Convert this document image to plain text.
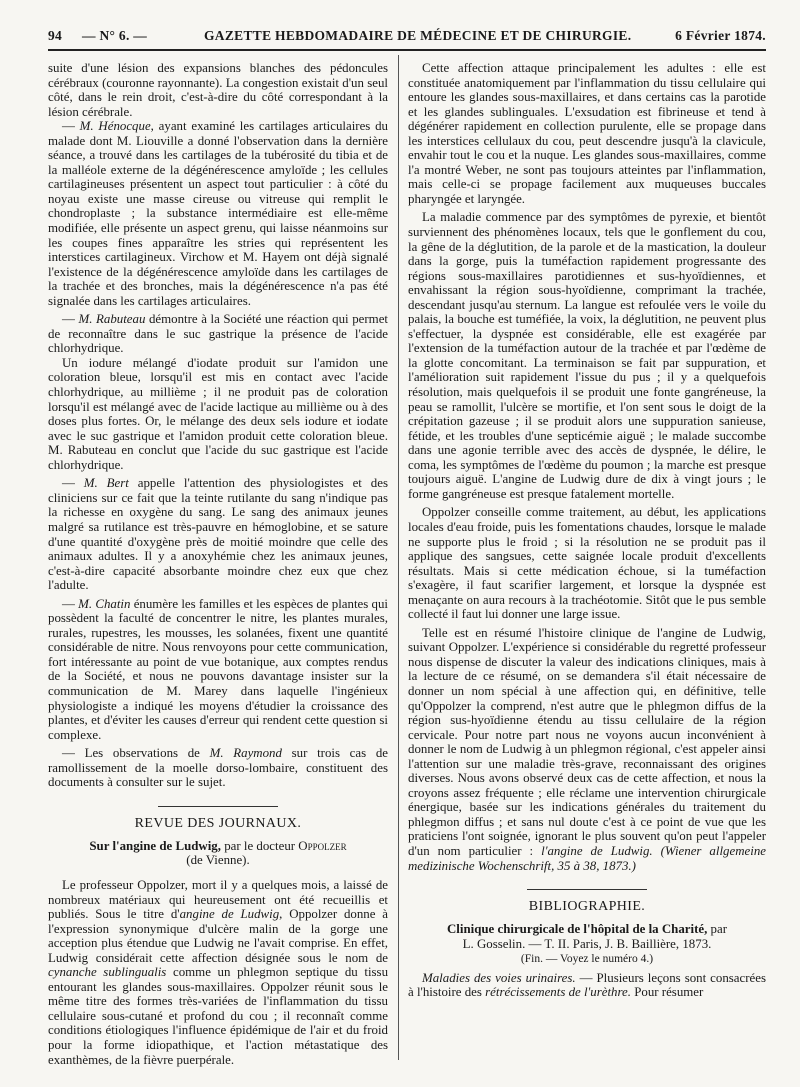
94 — N° 6. —	GAZETTE HEBDOMADAIRE DE MÉDECINE ET DE CHIRURGIE.	6 Février 1874.

suite d'une lésion des expansions blanches des pédoncules cérébraux (couronne rayonnante). La congestion existait d'un seul côté, dans le rein droit, c'est-à-dire du côté correspondant à la lésion cérébrale.

— M. Hénocque, ayant examiné les cartilages articulaires du malade dont M. Liouville a donné l'observation dans la dernière séance, a trouvé dans les cartilages de la tubérosité du tibia et de la malléole externe de la dégénérescence amyloïde ; les cellules cartilagineuses présentent un aspect tout particulier : à côté du noyau existe une masse cireuse ou vitreuse qui remplit le chondroplaste ; la substance intermédiaire est elle-même modifiée, elle présente un aspect grenu, qui laisse néanmoins sur les coupes fines apparaître les stries qui représentent les interstices cartilagineux. Virchow et M. Hayem ont déjà signalé l'existence de la dégénérescence amyloïde dans les cartilages de la trachée et des bronches, mais la dégénérescence n'a pas été signalée dans les cartilages articulaires.

— M. Rabuteau démontre à la Société une réaction qui permet de reconnaître dans le suc gastrique la présence de l'acide chlorhydrique.

Un iodure mélangé d'iodate produit sur l'amidon une coloration bleue, lorsqu'il est mis en contact avec l'acide chlorhydrique, au millième ; il ne produit pas de coloration lorsqu'il est mélangé avec de l'acide lactique au millième ou à des doses plus fortes. Or, le mélange des deux sels iodure et iodate avec le suc gastrique et l'amidon produit cette coloration bleue. M. Rabuteau en conclut que l'acide du suc gastrique est l'acide chlorhydrique.

— M. Bert appelle l'attention des physiologistes et des cliniciens sur ce fait que la teinte rutilante du sang n'indique pas la richesse en oxygène du sang. Le sang des animaux jeunes malgré sa rutilance est très-pauvre en hémoglobine, et se sature d'une quantité d'oxygène près de moitié moindre que celle des animaux adultes. Il y a anoxyhémie chez les animaux jeunes, c'est-à-dire capacité absorbante moindre chez eux que chez l'adulte.

— M. Chatin énumère les familles et les espèces de plantes qui possèdent la faculté de concentrer le nitre, les plantes murales, rurales, rupestres, les mousses, les solanées, fixent une quantité considérable de nitre. Nous renvoyons pour cette communication, fort intéressante au point de vue botanique, aux comptes rendus de la Société, et nous ne pouvons davantage insister sur la communication de M. Marey dans laquelle l'ingénieux physiologiste a indiqué les moyens d'étudier la croissance des plantes, et d'éviter les causes d'erreur qui rendent cette question si complexe.

— Les observations de M. Raymond sur trois cas de ramollissement de la moelle dorso-lombaire, constituent des documents à consulter sur le sujet.

REVUE DES JOURNAUX.
Sur l'angine de Ludwig, par le docteur Oppolzer
(de Vienne).

Le professeur Oppolzer, mort il y a quelques mois, a laissé de nombreux matériaux qui heureusement ont été recueillis et publiés. Sous le titre d'angine de Ludwig, Oppolzer donne à l'expression synonymique d'ulcère malin de la gorge une acception plus étendue que Ludwig ne l'avait comprise. En effet, Ludwig considérait cette affection désignée sous le nom de cynanche sublingualis comme un phlegmon septique du tissu entourant les glandes sous-maxillaires. Oppolzer réunit sous le même titre des formes très-variées de l'inflammation du tissu cellulaire sous-cutané et profond du cou ; il reconnaît comme conditions étiologiques l'influence épidémique de l'air et du froid pour la forme idiopathique, et l'action métastatique des exanthèmes, de la fièvre puerpérale.

Cette affection attaque principalement les adultes : elle est constituée anatomiquement par l'inflammation du tissu cellulaire qui entoure les glandes sous-maxillaires, et dans certains cas la parotide et les glandes sublinguales. L'exsudation est fibrineuse et tend à dégénérer rapidement en collection purulente, elle se propage dans les interstices cellulaux du cou, peut descendre jusqu'à la clavicule, envahir tout le cou et la nuque. Les glandes sous-maxillaires, comme l'a montré Weber, ne sont pas toujours atteintes par l'inflammation, mais celle-ci se propage facilement aux muqueuses buccales pharyngée et laryngée.

La maladie commence par des symptômes de pyrexie, et bientôt surviennent des phénomènes locaux, tels que le gonflement du cou, la gêne de la déglutition, de la parole et de la mastication, la douleur dans la gorge, puis la tuméfaction rapidement progressante des régions sous-maxillaires parotidiennes et sus-hyoïdiennes, et envahissant la région sous-hyoïdienne, comprimant la trachée, descendant jusqu'au sternum. La langue est refoulée vers le voile du palais, la bouche est tuméfiée, la voix, la déglutition, ne peuvent plus s'effectuer, la dyspnée est considérable, elle est exagérée par l'extension de la tuméfaction autour de la trachée et par l'œdème de la glotte concomitant. La terminaison se fait par suppuration, et l'amélioration suit rapidement l'issue du pus ; il y a quelquefois résolution, mais quelquefois il se produit une fonte gangréneuse, la peau se ramollit, l'ulcère se mortifie, et l'on sent sous le doigt de la crépitation gazeuse ; il se produit alors une suppuration sanieuse, fétide, et les troubles d'une septicémie aiguë ; le malade succombe dans une agonie terrible avec des accès de dyspnée, le délire, le coma, les symptômes de l'œdème du poumon ; la marche est presque toujours aiguë. L'angine de Ludwig dure de dix à vingt jours ; le forme gangréneuse est presque fatalement mortelle.

Oppolzer conseille comme traitement, au début, les applications locales d'eau froide, puis les fomentations chaudes, lorsque le malade ne supporte plus le froid ; si la résolution ne se produit pas il applique des sangsues, cette saignée locale produit d'excellents résultats. Mais si cette médication échoue, si la tuméfaction s'exagère, il faut scarifier largement, et lorsque la dyspnée est menaçante on aura recours à la trachéotomie. Sitôt que le pus semble collecté il faut lui donner une large issue.

Telle est en résumé l'histoire clinique de l'angine de Ludwig, suivant Oppolzer. L'expérience si considérable du regretté professeur nous dispense de discuter la valeur des indications cliniques, mais à la lecture de ce résumé, on se demandera s'il était nécessaire de donner un nom spécial à une affection qui, en définitive, telle qu'Oppolzer la comprend, n'est autre que le phlegmon diffus de la région sus-hyoïdienne étendu au tissu cellulaire de la région cervicale. Pour notre part nous ne voyons aucun inconvénient à donner le nom de Ludwig à un phlegmon régional, c'est appeler ainsi l'attention sur une maladie très-grave, reconnaissant des origines diverses. Nous avons observé deux cas de cette affection, et nous la croyons assez fréquente ; elle réclame une intervention chirurgicale énergique, basée sur les indications générales du traitement du phlegmon diffus ; et sans nul doute c'est à ce point de vue que les praticiens l'ont soignée, ignorant le plus souvent qu'on peut l'appeler d'un nom particulier : l'angine de Ludwig. (Wiener allgemeine medizinische Wochenschrift, 35 à 38, 1873.)

BIBLIOGRAPHIE.
Clinique chirurgicale de l'hôpital de la Charité, par
L. Gosselin. — T. II. Paris, J. B. Baillière, 1873.
(Fin. — Voyez le numéro 4.)

Maladies des voies urinaires. — Plusieurs leçons sont consacrées à l'histoire des rétrécissements de l'urèthre. Pour résumer
